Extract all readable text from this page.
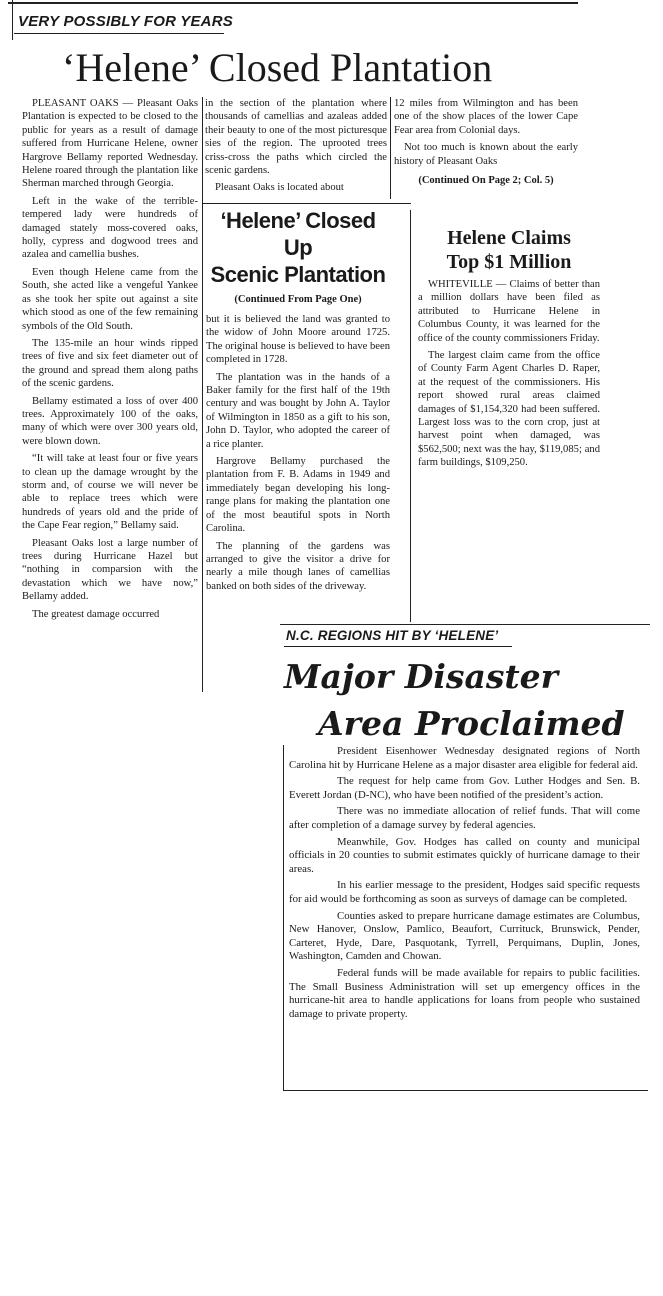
VERY POSSIBLY FOR YEARS
‘Helene’ Closed Plantation

PLEASANT OAKS — Pleasant Oaks Plantation is expected to be closed to the public for years as a result of damage suffered from Hurricane Helene, owner Hargrove Bellamy reported Wednesday. Helene roared through the plantation like Sherman marched through Georgia.

Left in the wake of the terrible-tempered lady were hundreds of damaged stately moss-covered oaks, holly, cypress and dogwood trees and azalea and camellia bushes.

Even though Helene came from the South, she acted like a vengeful Yankee as she took her spite out against a site which stood as one of the few remaining symbols of the Old South.

The 135-mile an hour winds ripped trees of five and six feet diameter out of the ground and spread them along paths of the scenic gardens.

Bellamy estimated a loss of over 400 trees. Approximately 100 of the oaks, many of which were over 300 years old, were blown down.

“It will take at least four or five years to clean up the damage wrought by the storm and, of course we will never be able to replace trees which were hundreds of years old and the pride of the Cape Fear region,” Bellamy said.

Pleasant Oaks lost a large number of trees during Hurricane Hazel but “nothing in comparsion with the devastation which we have now,” Bellamy added.

The greatest damage occurred

in the section of the plantation where thousands of camellias and azaleas added their beauty to one of the most picturesque sies of the region. The uprooted trees criss-cross the paths which circled the scenic gardens.

Pleasant Oaks is located about

12 miles from Wilmington and has been one of the show places of the lower Cape Fear area from Colonial days.

Not too much is known about the early history of Pleasant Oaks

(Continued On Page 2; Col. 5)
‘Helene’ Closed Up
Scenic Plantation
(Continued From Page One)

but it is believed the land was granted to the widow of John Moore around 1725. The original house is believed to have been completed in 1728.

The plantation was in the hands of a Baker family for the first half of the 19th century and was bought by John A. Taylor of Wilmington in 1850 as a gift to his son, John D. Taylor, who adopted the career of a rice planter.

Hargrove Bellamy purchased the plantation from F. B. Adams in 1949 and immediately began developing his long-range plans for making the plantation one of the most beautiful spots in North Carolina.

The planning of the gardens was arranged to give the visitor a drive for nearly a mile though lanes of camellias banked on both sides of the driveway.

Helene Claims
Top $1 Million

WHITEVILLE — Claims of better than a million dollars have been filed as attributed to Hurricane Helene in Columbus County, it was learned for the office of the county commissioners Friday.

The largest claim came from the office of County Farm Agent Charles D. Raper, at the request of the commissioners. His report showed rural areas claimed damages of $1,154,320 had been suffered. Largest loss was to the corn crop, just at harvest point when damaged, was $562,500; next was the hay, $119,085; and farm buildings, $109,250.

N.C. REGIONS HIT BY ‘HELENE’
Major Disaster
Area Proclaimed

President Eisenhower Wednesday designated regions of North Carolina hit by Hurricane Helene as a major disaster area eligible for federal aid.

The request for help came from Gov. Luther Hodges and Sen. B. Everett Jordan (D-NC), who have been notified of the president’s action.

There was no immediate allocation of relief funds. That will come after completion of a damage survey by federal agencies.

Meanwhile, Gov. Hodges has called on county and municipal officials in 20 counties to submit estimates quickly of hurricane damage to their areas.

In his earlier message to the president, Hodges said specific requests for aid would be forthcoming as soon as surveys of damage can be completed.

Counties asked to prepare hurricane damage estimates are Columbus, New Hanover, Onslow, Pamlico, Beaufort, Currituck, Brunswick, Pender, Carteret, Hyde, Dare, Pasquotank, Tyrrell, Perquimans, Duplin, Jones, Washington, Camden and Chowan.

Federal funds will be made available for repairs to public facilities. The Small Business Administration will set up emergency offices in the hurricane-hit area to handle applications for loans from people who sustained damage to private property.
